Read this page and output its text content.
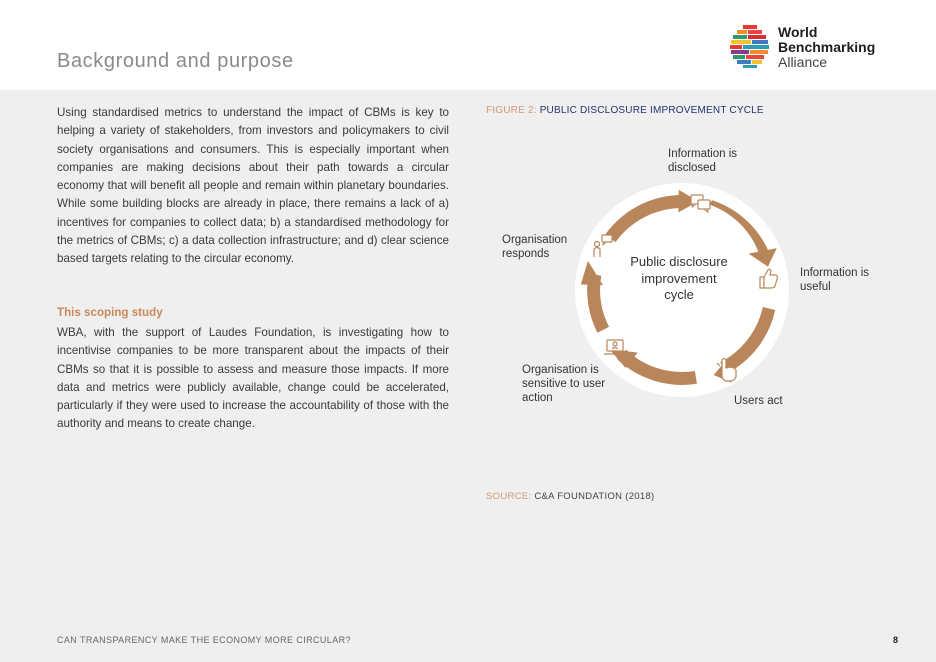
Background and purpose
World
Benchmarking
Alliance

Using standardised metrics to understand the impact of CBMs is key to helping a variety of stakeholders, from investors and policymakers to civil society organisations and consumers. This is especially important when companies are making decisions about their path towards a circular economy that will benefit all people and remain within planetary boundaries. While some building blocks are already in place, there remains a lack of a) incentives for companies to collect data; b) a standardised methodology for the metrics of CBMs; c) a data collection infrastructure; and d) clear science based targets relating to the circular economy.

This scoping study

WBA, with the support of Laudes Foundation, is investigating how to incentivise companies to be more transparent about the impacts of their CBMs so that it is possible to assess and measure those impacts. If more data and metrics were publicly available, change could be accelerated, particularly if they were used to increase the accountability of those with the authority and means to create change.

FIGURE 2: PUBLIC DISCLOSURE IMPROVEMENT CYCLE
Public disclosure improvement cycle
Information is disclosed
Information is useful
Users act
Organisation is sensitive to user action
Organisation responds
SOURCE: C&A FOUNDATION (2018)
CAN TRANSPARENCY MAKE THE ECONOMY MORE CIRCULAR?	8
